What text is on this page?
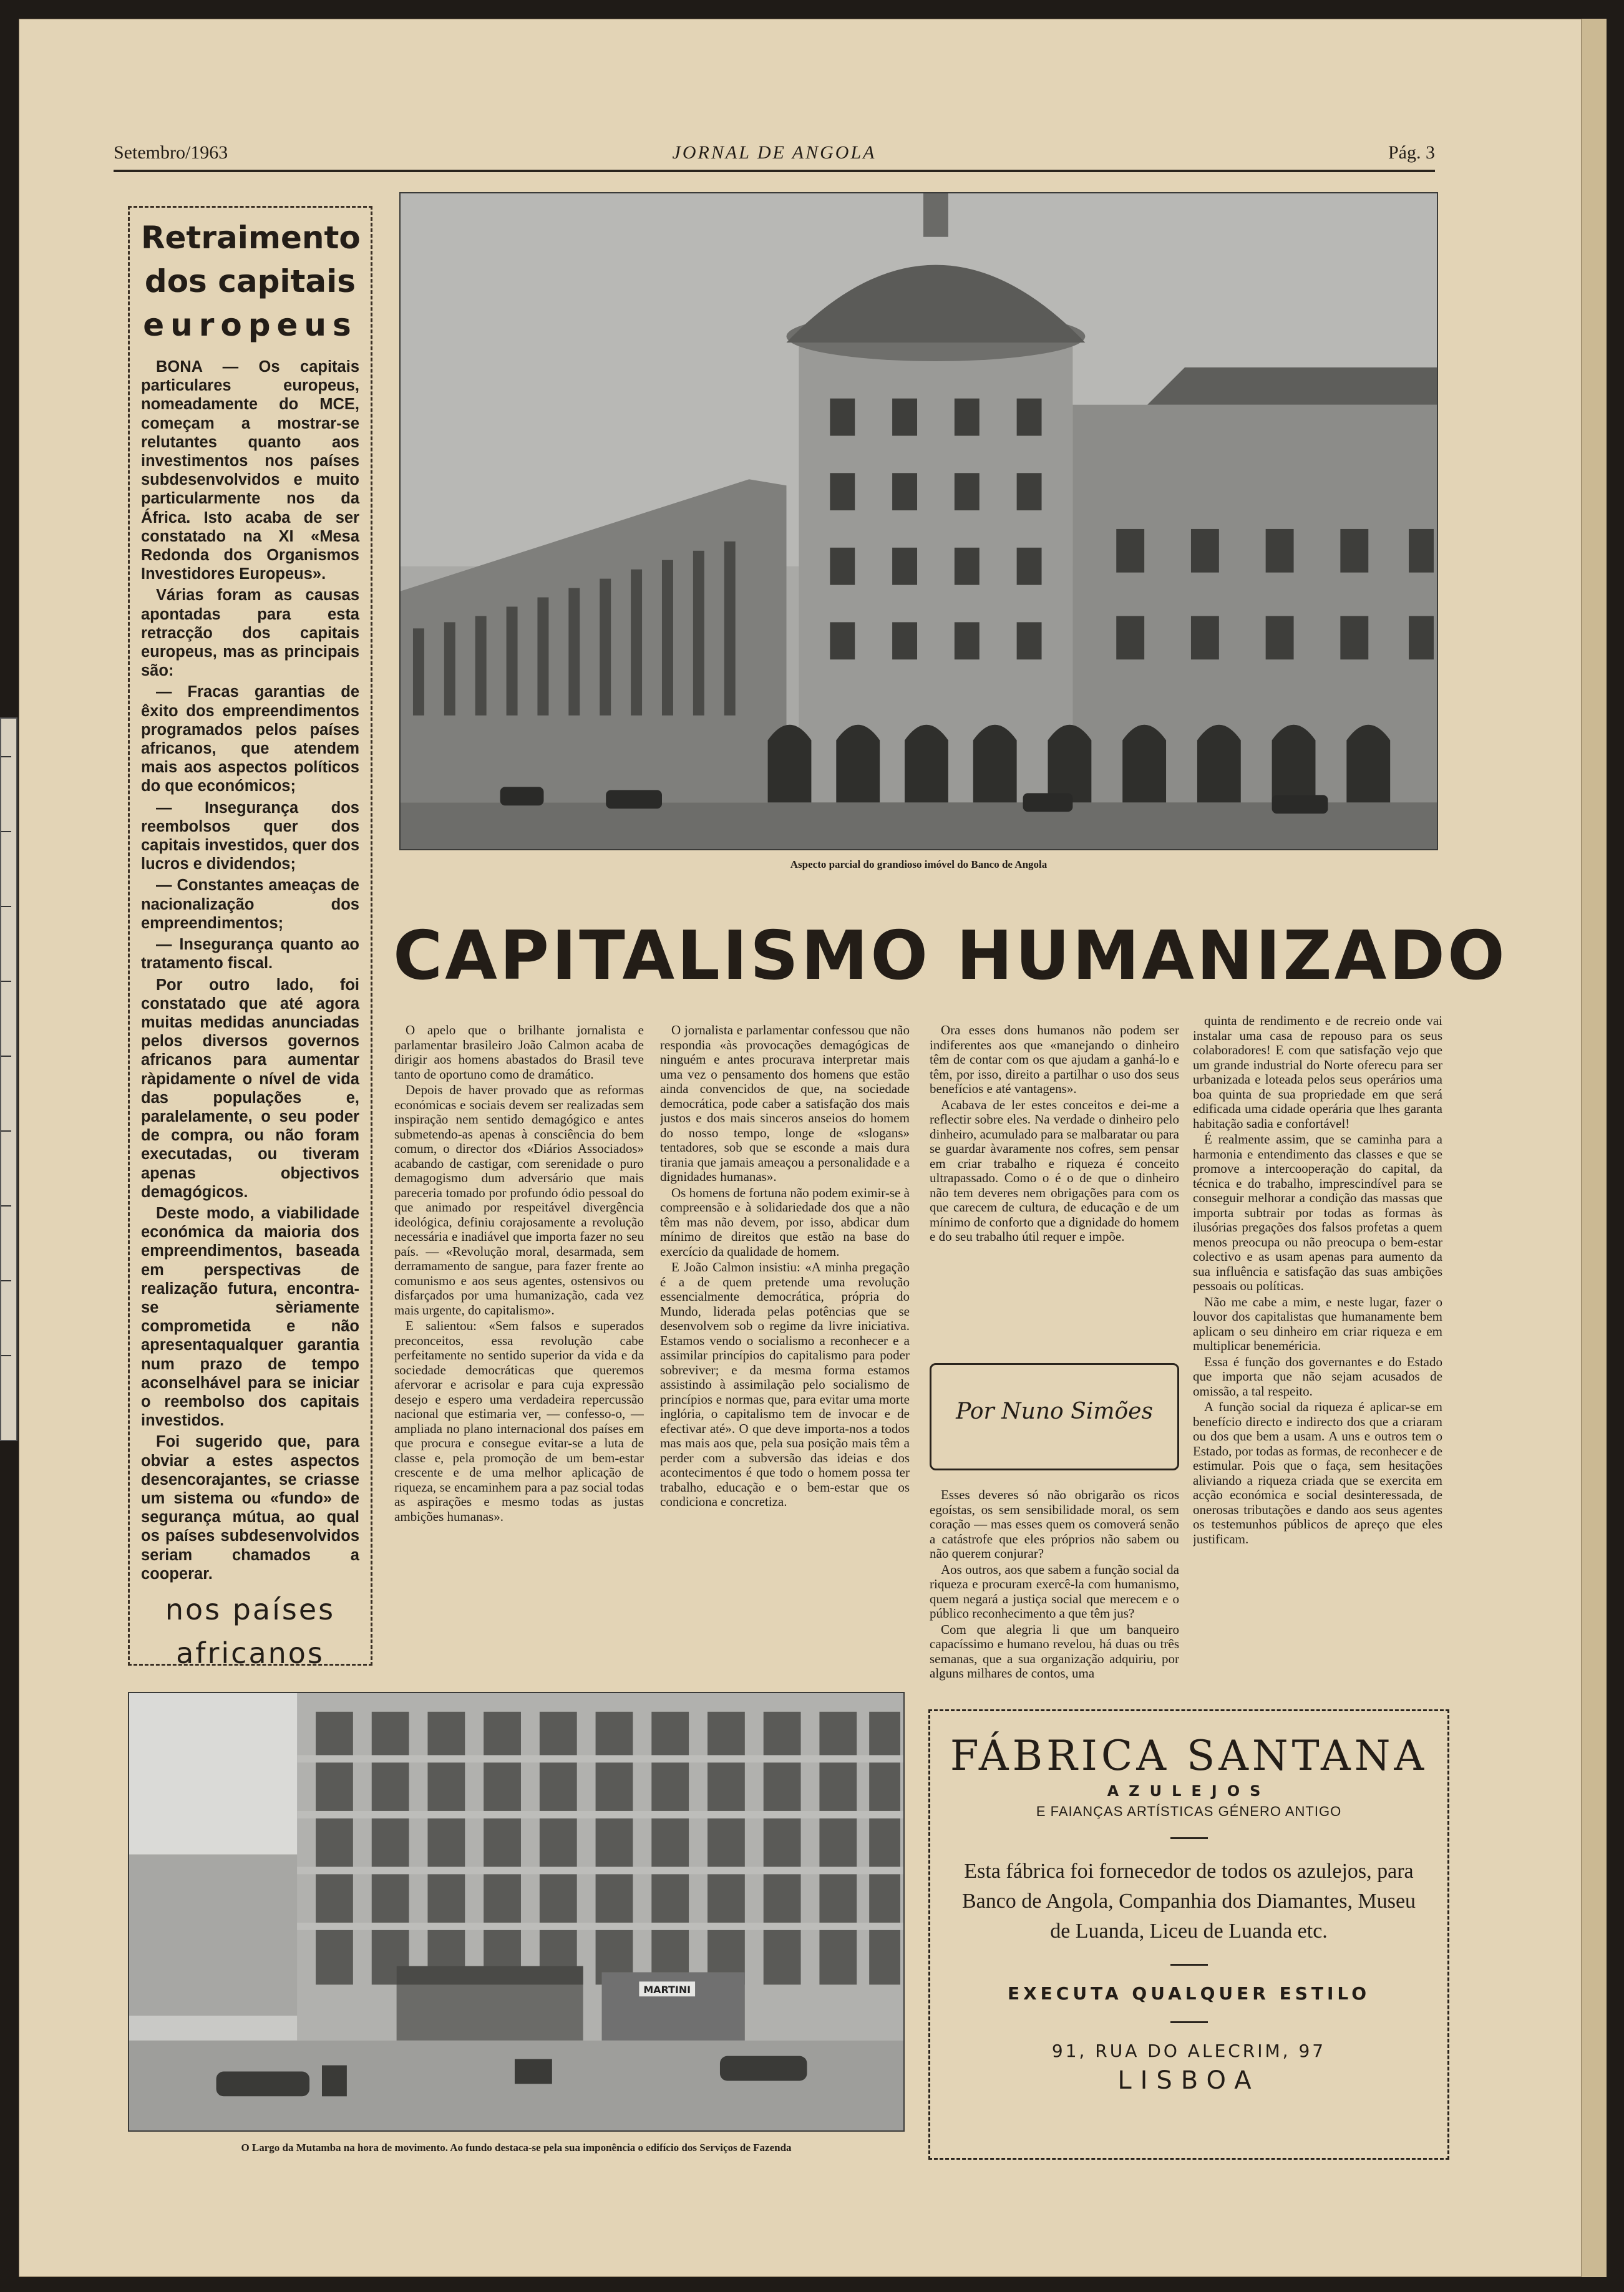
Setembro/1963	JORNAL DE ANGOLA	Pág. 3
Retraimento
dos capitais
europeus

BONA — Os capitais particulares europeus, nomeadamente do MCE, começam a mostrar-se relutantes quanto aos investimentos nos países subdesenvolvidos e muito particularmente nos da África. Isto acaba de ser constatado na XI «Mesa Redonda dos Organismos Investidores Europeus».

Várias foram as causas apontadas para esta retracção dos capitais europeus, mas as principais são:

— Fracas garantias de êxito dos empreendimentos programados pelos países africanos, que atendem mais aos aspectos políticos do que económicos;

— Insegurança dos reembolsos quer dos capitais investidos, quer dos lucros e dividendos;

— Constantes ameaças de nacionalização dos empreendimentos;

— Insegurança quanto ao tratamento fiscal.

Por outro lado, foi constatado que até agora muitas medidas anunciadas pelos diversos governos africanos para aumentar ràpidamente o nível de vida das populações e, paralelamente, o seu poder de compra, ou não foram executadas, ou tiveram apenas objectivos demagógicos.

Deste modo, a viabilidade económica da maioria dos empreendimentos, baseada em perspectivas de realização futura, encontra-se sèriamente comprometida e não apresentaqualquer garantia num prazo de tempo aconselhável para se iniciar o reembolso dos capitais investidos.

Foi sugerido que, para obviar a estes aspectos desencorajantes, se criasse um sistema ou «fundo» de segurança mútua, ao qual os países subdesenvolvidos seriam chamados a cooperar.

nos países
africanos
Aspecto parcial do grandioso imóvel do Banco de Angola
CAPITALISMO HUMANIZADO

O apelo que o brilhante jornalista e parlamentar brasileiro João Calmon acaba de dirigir aos homens abastados do Brasil teve tanto de oportuno como de dramático.

Depois de haver provado que as reformas económicas e sociais devem ser realizadas sem inspiração nem sentido demagógico e antes submetendo-as apenas à consciência do bem comum, o director dos «Diários Associados» acabando de castigar, com serenidade o puro demagogismo dum adversário que mais pareceria tomado por profundo ódio pessoal do que animado por respeitável divergência ideológica, definiu corajosamente a revolução necessária e inadiável que importa fazer no seu país. — «Revolução moral, desarmada, sem derramamento de sangue, para fazer frente ao comunismo e aos seus agentes, ostensivos ou disfarçados por uma humanização, cada vez mais urgente, do capitalismo».

E salientou: «Sem falsos e superados preconceitos, essa revolução cabe perfeitamente no sentido superior da vida e da sociedade democráticas que queremos afervorar e acrisolar e para cuja expressão desejo e espero uma verdadeira repercussão nacional que estimaria ver, — confesso-o, — ampliada no plano internacional dos países em que procura e consegue evitar-se a luta de classe e, pela promoção de um bem-estar crescente e de uma melhor aplicação de riqueza, se encaminhem para a paz social todas as aspirações e mesmo todas as justas ambições humanas».

O jornalista e parlamentar confessou que não respondia «às provocações demagógicas de ninguém e antes procurava interpretar mais uma vez o pensamento dos homens que estão ainda convencidos de que, na sociedade democrática, pode caber a satisfação dos mais justos e dos mais sinceros anseios do homem do nosso tempo, longe de «slogans» tentadores, sob que se esconde a mais dura tirania que jamais ameaçou a personalidade e a dignidades humanas».

Os homens de fortuna não podem eximir-se à compreensão e à solidariedade dos que a não têm mas não devem, por isso, abdicar dum mínimo de direitos que estão na base do exercício da qualidade de homem.

E João Calmon insistiu: «A minha pregação é a de quem pretende uma revolução essencialmente democrática, própria do Mundo, liderada pelas potências que se desenvolvem sob o regime da livre iniciativa. Estamos vendo o socialismo a reconhecer e a assimilar princípios do capitalismo para poder sobreviver; e da mesma forma estamos assistindo à assimilação pelo socialismo de princípios e normas que, para evitar uma morte inglória, o capitalismo tem de invocar e de efectivar até». O que deve importa-nos a todos mas mais aos que, pela sua posição mais têm a perder com a subversão das ideias e dos acontecimentos é que todo o homem possa ter trabalho, educação e o bem-estar que os condiciona e concretiza.

Ora esses dons humanos não podem ser indiferentes aos que «manejando o dinheiro têm de contar com os que ajudam a ganhá-lo e têm, por isso, direito a partilhar o uso dos seus benefícios e até vantagens».

Acabava de ler estes conceitos e dei-me a reflectir sobre eles. Na verdade o dinheiro pelo dinheiro, acumulado para se malbaratar ou para se guardar àvaramente nos cofres, sem pensar em criar trabalho e riqueza é conceito ultrapassado. Como o é o de que o dinheiro não tem deveres nem obrigações para com os que carecem de cultura, de educação e de um mínimo de conforto que a dignidade do homem e do seu trabalho útil requer e impõe.

Por Nuno Simões

Esses deveres só não obrigarão os ricos egoístas, os sem sensibilidade moral, os sem coração — mas esses quem os comoverá senão a catástrofe que eles próprios não sabem ou não querem conjurar?

Aos outros, aos que sabem a função social da riqueza e procuram exercê-la com humanismo, quem negará a justiça social que merecem e o público reconhecimento a que têm jus?

Com que alegria li que um banqueiro capacíssimo e humano revelou, há duas ou três semanas, que a sua organização adquiriu, por alguns milhares de contos, uma

quinta de rendimento e de recreio onde vai instalar uma casa de repouso para os seus colaboradores! E com que satisfação vejo que um grande industrial do Norte oferecu para ser urbanizada e loteada pelos seus operários uma boa quinta de sua propriedade em que será edificada uma cidade operária que lhes garanta habitação sadia e confortável!

É realmente assim, que se caminha para a harmonia e entendimento das classes e que se promove a intercooperação do capital, da técnica e do trabalho, imprescindível para se conseguir melhorar a condição das massas que importa subtrair por todas as formas às ilusórias pregações dos falsos profetas a quem menos preocupa ou não preocupa o bem-estar colectivo e as usam apenas para aumento da sua influência e satisfação das suas ambições pessoais ou políticas.

Não me cabe a mim, e neste lugar, fazer o louvor dos capitalistas que humanamente bem aplicam o seu dinheiro em criar riqueza e em multiplicar beneméricia.

Essa é função dos governantes e do Estado que importa que não sejam acusados de omissão, a tal respeito.

A função social da riqueza é aplicar-se em benefício directo e indirecto dos que a criaram ou dos que bem a usam. A uns e outros tem o Estado, por todas as formas, de reconhecer e de estimular. Pois que o faça, sem hesitações aliviando a riqueza criada que se exercita em acção económica e social desinteressada, de onerosas tributações e dando aos seus agentes os testemunhos públicos de apreço que eles justificam.

MARTINI
O Largo da Mutamba na hora de movimento. Ao fundo destaca-se pela sua imponência o edifício dos Serviços de Fazenda
FÁBRICA SANTANA
AZULEJOS
E FAIANÇAS ARTÍSTICAS GÉNERO ANTIGO
Esta fábrica foi fornecedor de todos os azulejos, para Banco de Angola, Companhia dos Diamantes, Museu de Luanda, Liceu de Luanda etc.
EXECUTA QUALQUER ESTILO
91, RUA DO ALECRIM, 97
LISBOA
